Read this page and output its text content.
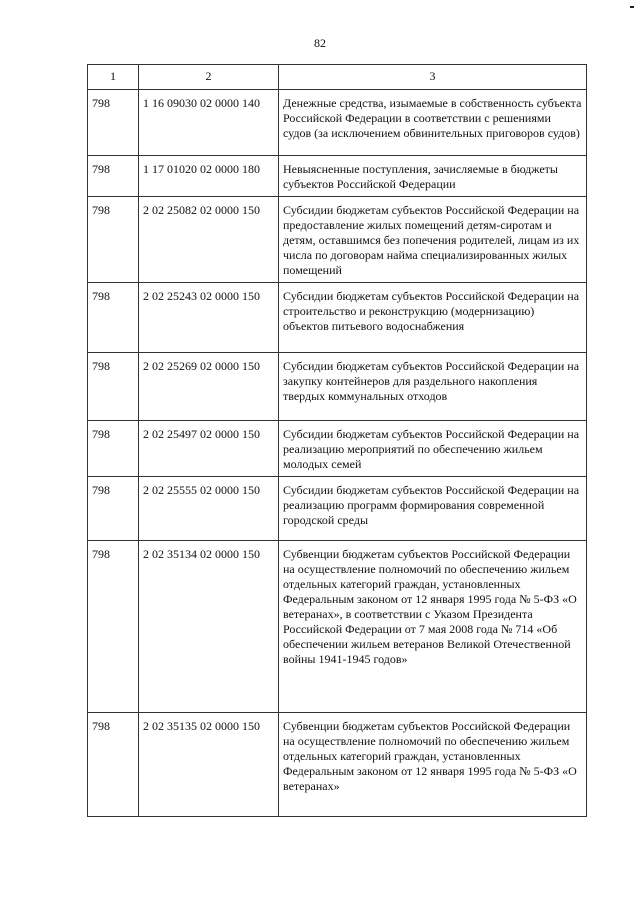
82
1	2	3
798	1 16 09030 02 0000 140	Денежные средства, изымаемые в собственность субъекта Российской Федерации в соответствии с решениями судов (за исключением обвинительных приговоров судов)
798	1 17 01020 02 0000 180	Невыясненные поступления, зачисляемые в бюджеты субъектов Российской Федерации
798	2 02 25082 02 0000 150	Субсидии бюджетам субъектов Российской Федерации на предоставление жилых помещений детям-сиротам и детям, оставшимся без попечения родителей, лицам из их числа по договорам найма специализированных жилых помещений
798	2 02 25243 02 0000 150	Субсидии бюджетам субъектов Российской Федерации на строительство и реконструкцию (модернизацию) объектов питьевого водоснабжения
798	2 02 25269 02 0000 150	Субсидии бюджетам субъектов Российской Федерации на закупку контейнеров для раздельного накопления твердых коммунальных отходов
798	2 02 25497 02 0000 150	Субсидии бюджетам субъектов Российской Федерации на реализацию мероприятий по обеспечению жильем молодых семей
798	2 02 25555 02 0000 150	Субсидии бюджетам субъектов Российской Федерации на реализацию программ формирования современной городской среды
798	2 02 35134 02 0000 150	Субвенции бюджетам субъектов Российской Федерации на осуществление полномочий по обеспечению жильем отдельных категорий граждан, установленных Федеральным законом от 12 января 1995 года № 5-ФЗ «О ветеранах», в соответствии с Указом Президента Российской Федерации от 7 мая 2008 года № 714 «Об обеспечении жильем ветеранов Великой Отечественной войны 1941-1945 годов»
798	2 02 35135 02 0000 150	Субвенции бюджетам субъектов Российской Федерации на осуществление полномочий по обеспечению жильем отдельных категорий граждан, установленных Федеральным законом от 12 января 1995 года № 5-ФЗ «О ветеранах»
